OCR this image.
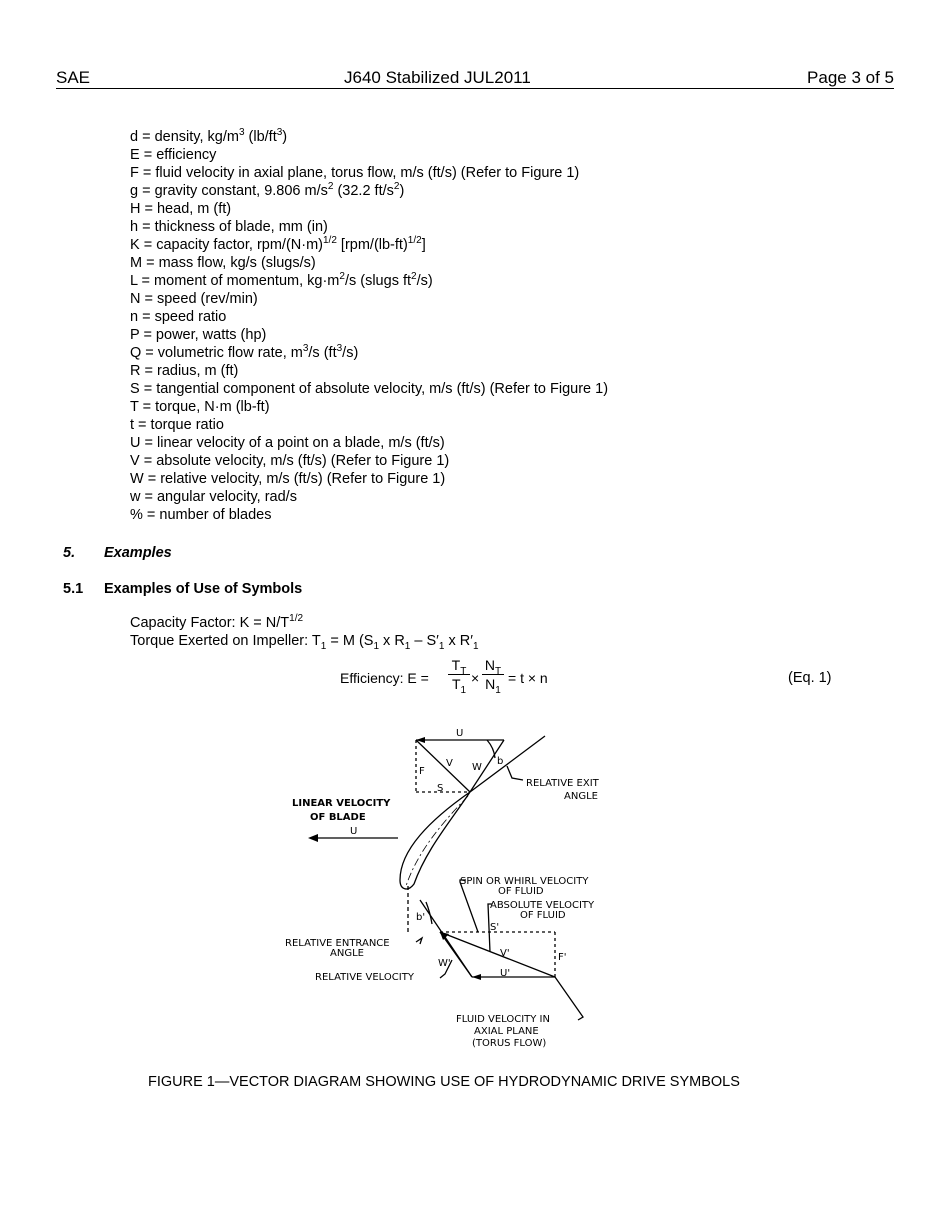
SAE	J640 Stabilized JUL2011	Page 3 of 5
d = density, $kg/m^3$ $(lb/ft^3)$
E = efficiency
F = fluid velocity in axial plane, torus flow, m/s (ft/s) (Refer to Figure 1)
g = gravity constant, 9.806 $m/s^2$ (32.2 $ft/s^2$)
H = head, m (ft)
h = thickness of blade, mm (in)
K = capacity factor, rpm/$(N\cdot m)^{1/2}$ $[rpm/(lb-ft)^{1/2}]$
M = mass flow, kg/s (slugs/s)
L = moment of momentum, $kg\cdot m^2/s$ (slugs $ft^2/s$)
N = speed (rev/min)
n = speed ratio
P = power, watts (hp)
Q = volumetric flow rate, $m^3/s$ $(ft^3/s)$
R = radius, m (ft)
S = tangential component of absolute velocity, m/s (ft/s) (Refer to Figure 1)
T = torque, N·m (lb-ft)
t = torque ratio
U = linear velocity of a point on a blade, m/s (ft/s)
V = absolute velocity, m/s (ft/s) (Refer to Figure 1)
W = relative velocity, m/s (ft/s) (Refer to Figure 1)
w = angular velocity, rad/s
% = number of blades
5. Examples
5.1 Examples of Use of Symbols
Capacity Factor: $K = N/T^{1/2}$
Torque Exerted on Impeller: $T_1 = M$ ($S_1$ x $R_1 - S'_1$ x $R'_1$
Efficiency: E =
$T_T$
$T_1$
×
$N_T$
$N_1$
= t × n	(Eq. 1)
U
V W
b
F
S	RELATIVE EXIT
ANGLE
LINEAR VELOCITY
OF BLADE
U
SPIN OR WHIRL VELOCITY
OF FLUID
ABSOLUTE VELOCITY
OF FLUID
S'
b'
RELATIVE ENTRANCE
ANGLE	V'	F'
W'
RELATIVE VELOCITY	U'
FLUID VELOCITY IN
AXIAL PLANE
(TORUS FLOW)
FIGURE 1—VECTOR DIAGRAM SHOWING USE OF HYDRODYNAMIC DRIVE SYMBOLS
